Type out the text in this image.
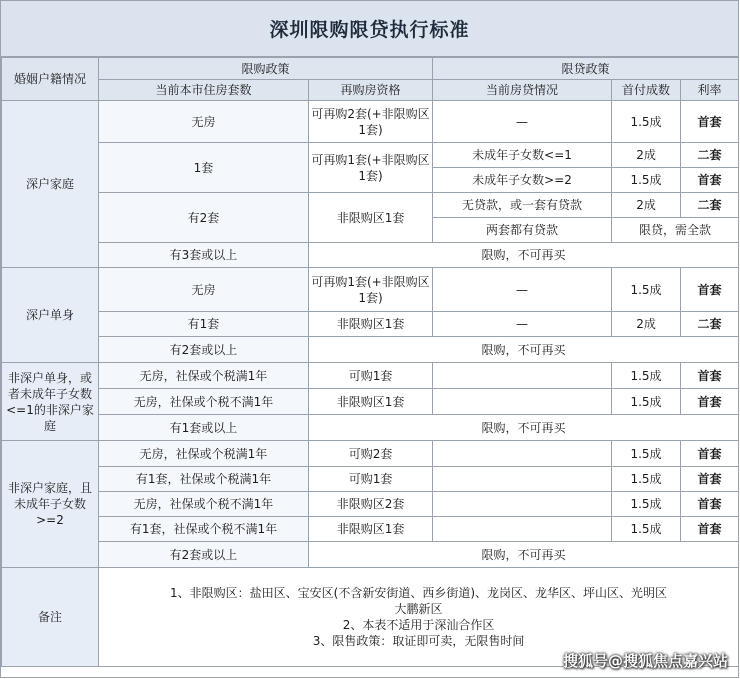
深圳限购限贷执行标准
婚姻户籍情况	限购政策		限贷政策		
	当前本市住房套数	再购房资格	当前房贷情况	首付成数	利率
深户家庭	无房	可再购2套(+非限购区1套)	—	1.5成	首套
	1套	可再购1套(+非限购区1套)	未成年子女数<=1	2成	二套
			未成年子女数>=2	1.5成	首套
	有2套	非限购区1套	无贷款，或一套有贷款	2成	二套
			两套都有贷款	限贷，需全款	
	有3套或以上	限购，不可再买			
深户单身	无房	可再购1套(+非限购区1套)	—	1.5成	首套
	有1套	非限购区1套	—	2成	二套
	有2套或以上	限购，不可再买			
非深户单身，或者未成年子女数<=1的非深户家庭	无房，社保或个税满1年	可购1套		1.5成	首套
	无房，社保或个税不满1年	非限购区1套		1.5成	首套
	有1套或以上	限购，不可再买			
非深户家庭，且未成年子女数>=2	无房，社保或个税满1年	可购2套		1.5成	首套
	有1套，社保或个税满1年	可购1套		1.5成	首套
	无房，社保或个税不满1年	非限购区2套		1.5成	首套
	有1套，社保或个税不满1年	非限购区1套		1.5成	首套
	有2套或以上	限购，不可再买			
备注	1、非限购区：盐田区、宝安区(不含新安街道、西乡街道)、龙岗区、龙华区、坪山区、光明区
大鹏新区
2、本表不适用于深汕合作区
3、限售政策：取证即可卖，无限售时间				
搜狐号@搜狐焦点嘉兴站
